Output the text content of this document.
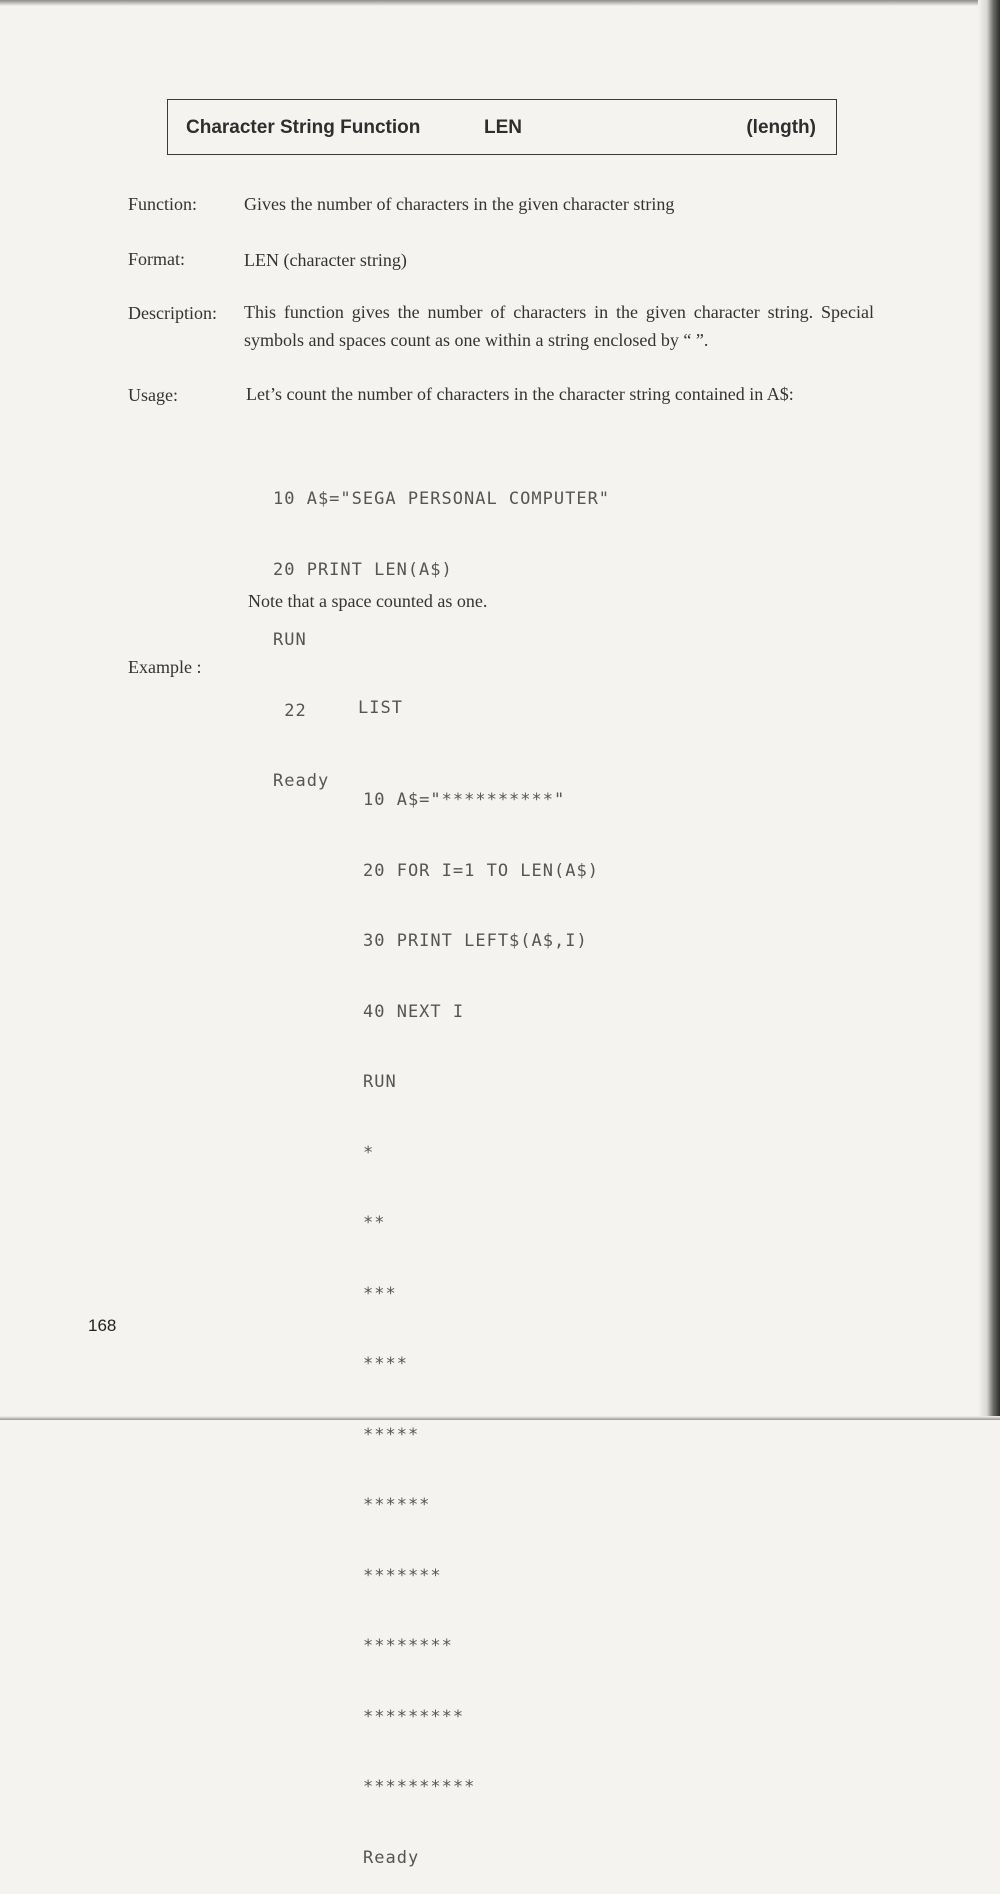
Character String Function	LEN	(length)
Function:	Gives the number of characters in the given character string
Format:	LEN (character string)
Description: This function gives the number of characters in the given character string. Special symbols and spaces count as one within a string enclosed by “ ”.
Usage:	Let’s count the number of characters in the character string contained in A$:

10 A$="SEGA PERSONAL COMPUTER"

20 PRINT LEN(A$)

RUN

22

Ready

Note that a space counted as one.
Example :
LIST

10 A$="**********"

20 FOR I=1 TO LEN(A$)

30 PRINT LEFT$(A$,I)

40 NEXT I

RUN

*

**

***

****

*****

******

*******

********

*********

**********

Ready

168
